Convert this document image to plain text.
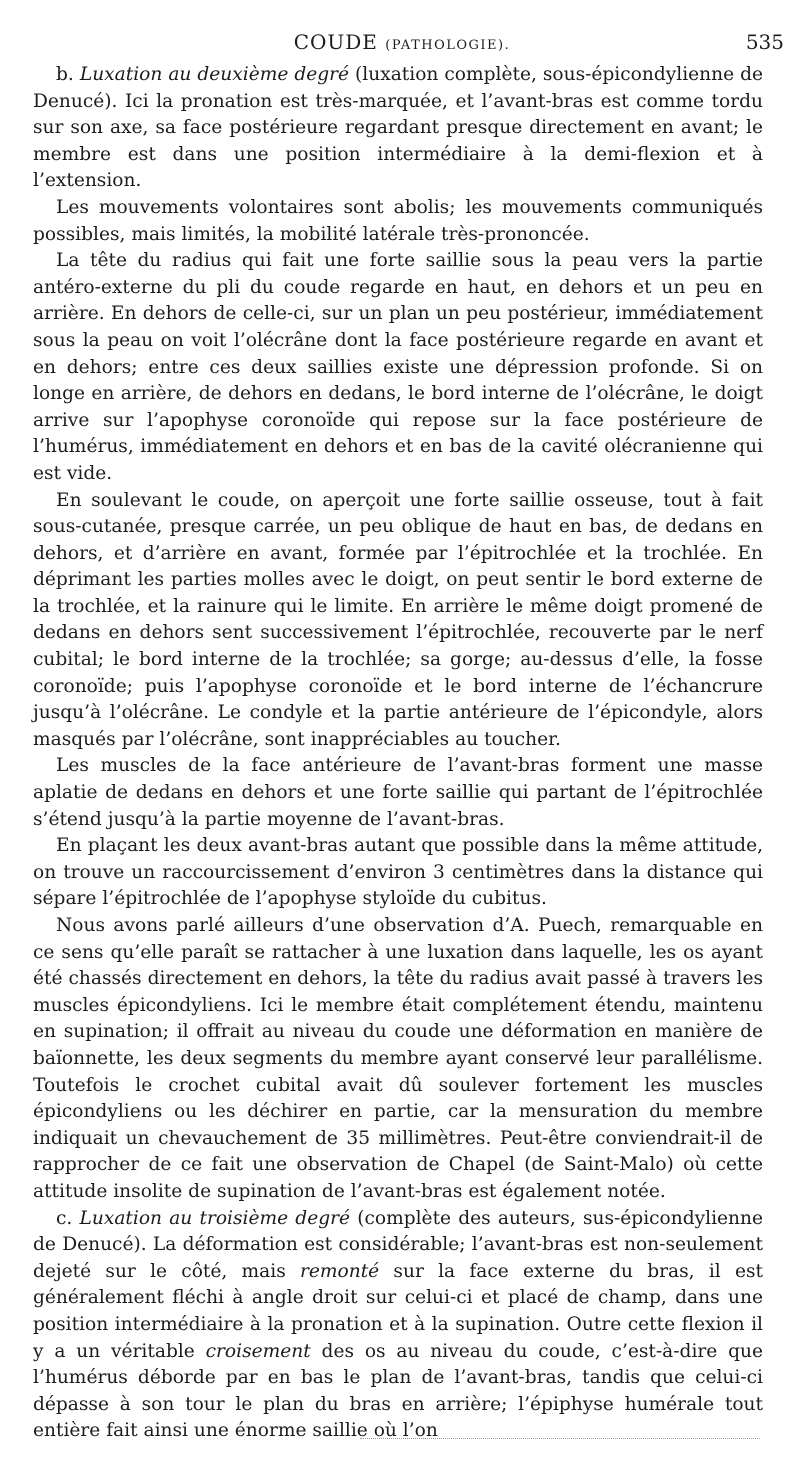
COUDE (PATHOLOGIE).	535

b. Luxation au deuxième degré (luxation complète, sous-épicondylienne de Denucé). Ici la pronation est très-marquée, et l’avant-bras est comme tordu sur son axe, sa face postérieure regardant presque directement en avant; le membre est dans une position intermédiaire à la demi-flexion et à l’extension.

Les mouvements volontaires sont abolis; les mouvements communiqués possibles, mais limités, la mobilité latérale très-prononcée.

La tête du radius qui fait une forte saillie sous la peau vers la partie antéro-externe du pli du coude regarde en haut, en dehors et un peu en arrière. En dehors de celle-ci, sur un plan un peu postérieur, immédiatement sous la peau on voit l’olécrâne dont la face postérieure regarde en avant et en dehors; entre ces deux saillies existe une dépression profonde. Si on longe en arrière, de dehors en dedans, le bord interne de l’olécrâne, le doigt arrive sur l’apophyse coronoïde qui repose sur la face postérieure de l’humérus, immédiatement en dehors et en bas de la cavité olécranienne qui est vide.

En soulevant le coude, on aperçoit une forte saillie osseuse, tout à fait sous-cutanée, presque carrée, un peu oblique de haut en bas, de dedans en dehors, et d’arrière en avant, formée par l’épitrochlée et la trochlée. En déprimant les parties molles avec le doigt, on peut sentir le bord externe de la trochlée, et la rainure qui le limite. En arrière le même doigt promené de dedans en dehors sent successivement l’épitrochlée, recouverte par le nerf cubital; le bord interne de la trochlée; sa gorge; au-dessus d’elle, la fosse coronoïde; puis l’apophyse coronoïde et le bord interne de l’échancrure jusqu’à l’olécrâne. Le condyle et la partie antérieure de l’épicondyle, alors masqués par l’olécrâne, sont inappréciables au toucher.

Les muscles de la face antérieure de l’avant-bras forment une masse aplatie de dedans en dehors et une forte saillie qui partant de l’épitrochlée s’étend jusqu’à la partie moyenne de l’avant-bras.

En plaçant les deux avant-bras autant que possible dans la même attitude, on trouve un raccourcissement d’environ 3 centimètres dans la distance qui sépare l’épitrochlée de l’apophyse styloïde du cubitus.

Nous avons parlé ailleurs d’une observation d’A. Puech, remarquable en ce sens qu’elle paraît se rattacher à une luxation dans laquelle, les os ayant été chassés directement en dehors, la tête du radius avait passé à travers les muscles épicondyliens. Ici le membre était complétement étendu, maintenu en supination; il offrait au niveau du coude une déformation en manière de baïonnette, les deux segments du membre ayant conservé leur parallélisme. Toutefois le crochet cubital avait dû soulever fortement les muscles épicondyliens ou les déchirer en partie, car la mensuration du membre indiquait un chevauchement de 35 millimètres. Peut-être conviendrait-il de rapprocher de ce fait une observation de Chapel (de Saint-Malo) où cette attitude insolite de supination de l’avant-bras est également notée.

c. Luxation au troisième degré (complète des auteurs, sus-épicondylienne de Denucé). La déformation est considérable; l’avant-bras est non-seulement dejeté sur le côté, mais remonté sur la face externe du bras, il est généralement fléchi à angle droit sur celui-ci et placé de champ, dans une position intermédiaire à la pronation et à la supination. Outre cette flexion il y a un véritable croisement des os au niveau du coude, c’est-à-dire que l’humérus déborde par en bas le plan de l’avant-bras, tandis que celui-ci dépasse à son tour le plan du bras en arrière; l’épiphyse humérale tout entière fait ainsi une énorme saillie où l’on
